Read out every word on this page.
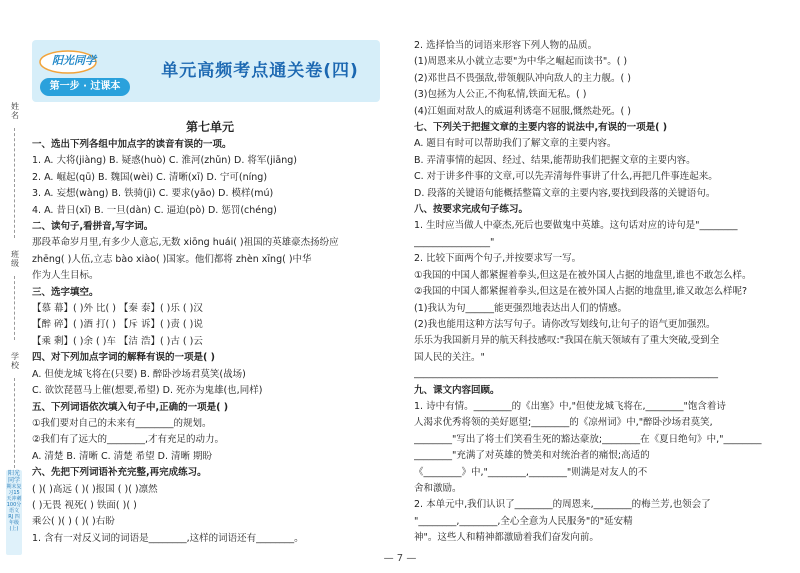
姓名
班级
学校
阳光同学
期末复习15天冲刺100分 语文 RJ 四年级(上)
阳光同学
第一步 · 过课本
单元高频考点通关卷(四)
第七单元
一、选出下列各组中加点字的读音有误的一项。
1. A. 大将(jiàng) B. 疑惑(huò) C. 淮河(zhǔn) D. 将军(jiāng)
2. A. 崛起(qū) B. 魏国(wèi) C. 清晰(xī) D. 宁可(níng)
3. A. 妄想(wàng) B. 铁骑(jì) C. 要求(yāo) D. 模样(mú)
4. A. 昔日(xī) B. 一旦(dàn) C. 逼迫(pò) D. 惩罚(chéng)
二、读句子,看拼音,写字词。
那段革命岁月里,有多少人意忘,无数 xiōng huái( )祖国的英雄豪杰扬纷应
zhēng( )人伍,立志 bào xiào( )国家。他们都将 zhèn xīng( )中华
作为人生目标。
三、选字填空。
【慕 幕】( )外 比( ) 【秦 泰】( )乐 ( )汉
【醉 碎】( )酒 打( ) 【斥 诉】( )责 ( )说
【乘 剩】( )余 ( )车 【洁 浩】( )古 ( )云
四、对下列加点字词的解释有误的一项是( )
A. 但使龙城飞将在(只要) B. 醉卧沙场君莫笑(战场)
C. 欲饮琵琶马上催(想要,希望) D. 死亦为鬼雄(也,同样)
五、下列词语依次填入句子中,正确的一项是( )
①我们要对自己的未来有________的规划。
②我们有了远大的________,才有充足的动力。
A. 清楚 B. 清晰 C. 清楚 希望 D. 清晰 期盼
六、先把下列词语补充完整,再完成练习。
( )( )高远 ( )( )报国 ( )( )凛然
( )无畏 视死( ) 铁面( )( )
乘公( )( ) ( )( )右盼
1. 含有一对反义词的词语是________,这样的词语还有________。
2. 选择恰当的词语来形容下列人物的品质。
(1)周恩来从小就立志要"为中华之崛起而读书"。( )
(2)邓世昌不畏强敌,带领舰队冲向敌人的主力舰。( )
(3)包拯为人公正,不徇私情,铁面无私。( )
(4)江姐面对敌人的威逼利诱毫不屈服,慨然赴死。( )
七、下列关于把握文章的主要内容的说法中,有误的一项是( )
A. 题目有时可以帮助我们了解文章的主要内容。
B. 弄清事情的起因、经过、结果,能帮助我们把握文章的主要内容。
C. 对于讲多件事的文章,可以先弄清每件事讲了什么,再把几件事连起来。
D. 段落的关键语句能概括整篇文章的主要内容,要找到段落的关键语句。
八、按要求完成句子练习。
1. 生时应当做人中豪杰,死后也要做鬼中英雄。这句话对应的诗句是"________
________________"
2. 比较下面两个句子,并按要求写一写。
①我国的中国人都紧握着拳头,但这是在被外国人占据的地盘里,谁也不敢怎么样。
②我国的中国人都紧握着拳头,但这是在被外国人占据的地盘里,谁又敢怎么样呢?
(1)我认为句______能更强烈地表达出人们的情感。
(2)我也能用这种方法写句子。请你改写划线句,让句子的语气更加强烈。
乐乐为我国新月异的航天科技感叹:"我国在航天领域有了重大突破,受到全
国人民的关注。"
________________________________________________________________
九、课文内容回顾。
1. 诗中有情。________的《出塞》中,"但使龙城飞将在,________"饱含着诗
人渴求优秀将领的美好愿望;________的《凉州词》中,"醉卧沙场君莫笑,
________"写出了将士们笑看生死的豁达豪放;________在《夏日绝句》中,"________
________"充满了对英雄的赞美和对统治者的痛恨;高适的
《________》中,"________,________"则满是对友人的不
舍和激励。
2. 本单元中,我们认识了________的周恩来,________的梅兰芳,也领会了
"________,________,全心全意为人民服务"的"延安精
神"。这些人和精神都激励着我们奋发向前。
— 7 —
